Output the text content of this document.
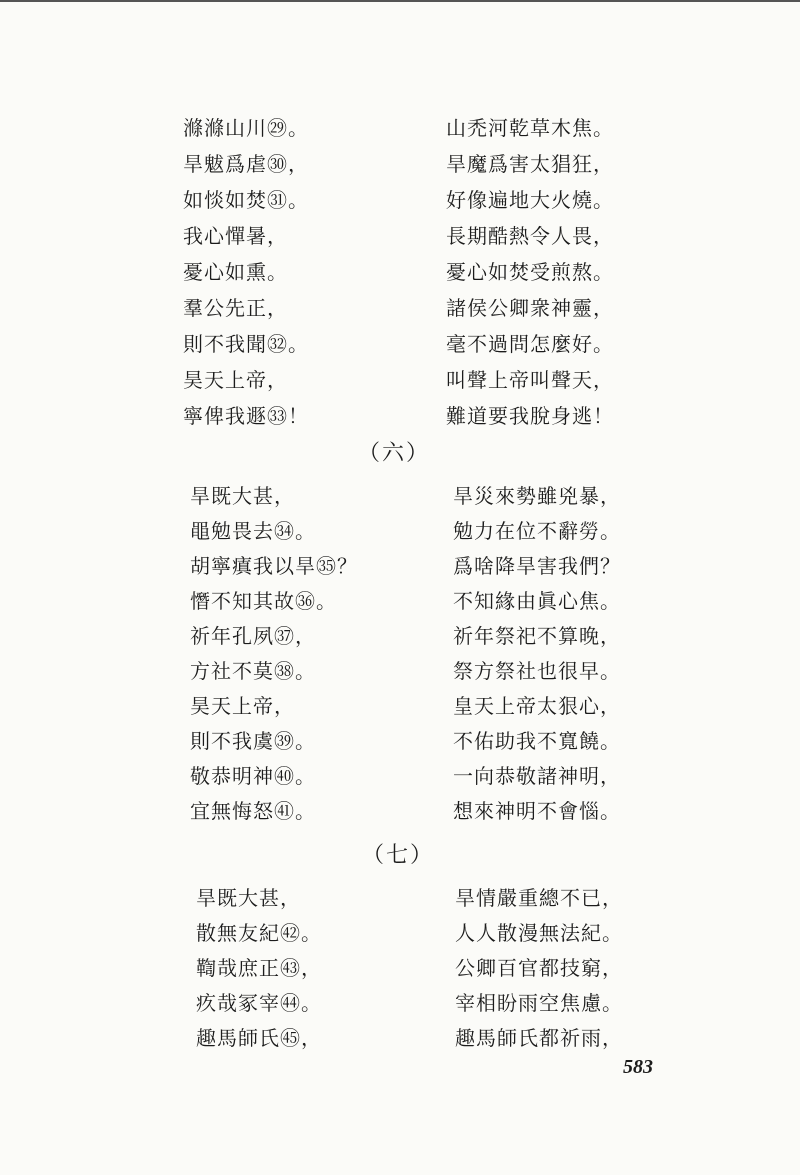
滌滌山川㉙。
旱魃爲虐㉚，
如惔如焚㉛。
我心憚暑，
憂心如熏。
羣公先正，
則不我聞㉜。
昊天上帝，
寧俾我遯㉝！
山禿河乾草木焦。
旱魔爲害太猖狂，
好像遍地大火燒。
長期酷熱令人畏，
憂心如焚受煎熬。
諸侯公卿衆神靈，
毫不過問怎麼好。
叫聲上帝叫聲天，
難道要我脫身逃！
（六）
旱既大甚，
黽勉畏去㉞。
胡寧瘨我以旱㉟？
憯不知其故㊱。
祈年孔夙㊲，
方社不莫㊳。
昊天上帝，
則不我虞㊴。
敬恭明神㊵。
宜無悔怒㊶。
旱災來勢雖兇暴，
勉力在位不辭勞。
爲啥降旱害我們？
不知緣由眞心焦。
祈年祭祀不算晚，
祭方祭社也很早。
皇天上帝太狠心，
不佑助我不寬饒。
一向恭敬諸神明，
想來神明不會惱。
（七）
旱既大甚，
散無友紀㊷。
鞫哉庶正㊸，
疚哉冢宰㊹。
趣馬師氏㊺，
旱情嚴重總不已，
人人散漫無法紀。
公卿百官都技窮，
宰相盼雨空焦慮。
趣馬師氏都祈雨，
583
